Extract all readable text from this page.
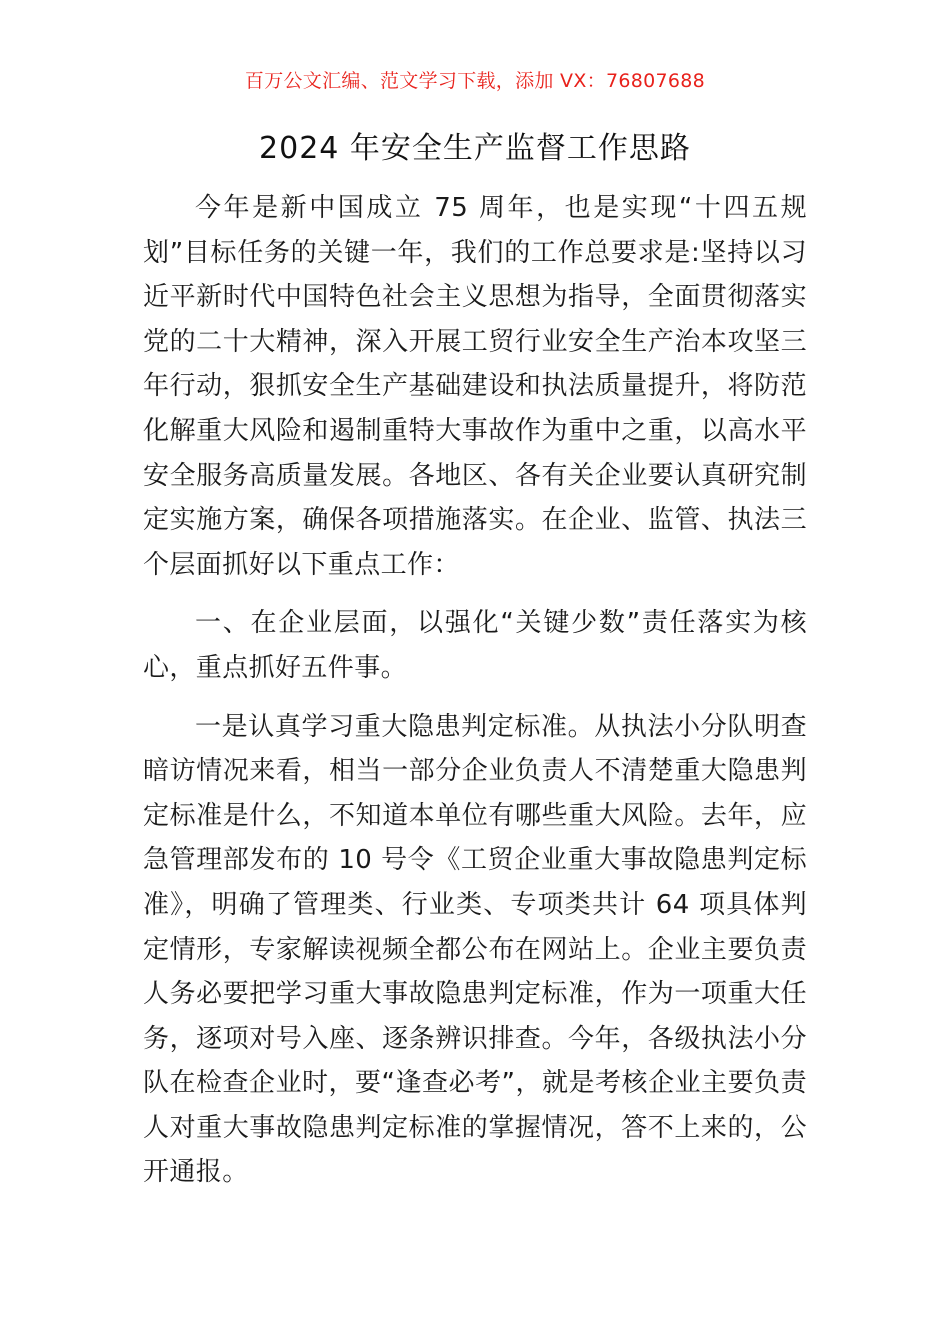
百万公文汇编、范文学习下载，添加 VX：76807688
2024 年安全生产监督工作思路

今年是新中国成立 75 周年，也是实现“十四五规划”目标任务的关键一年，我们的工作总要求是:坚持以习近平新时代中国特色社会主义思想为指导，全面贯彻落实党的二十大精神，深入开展工贸行业安全生产治本攻坚三年行动，狠抓安全生产基础建设和执法质量提升，将防范化解重大风险和遏制重特大事故作为重中之重，以高水平安全服务高质量发展。各地区、各有关企业要认真研究制定实施方案，确保各项措施落实。在企业、监管、执法三个层面抓好以下重点工作：

一、在企业层面，以强化“关键少数”责任落实为核心，重点抓好五件事。

一是认真学习重大隐患判定标准。从执法小分队明查暗访情况来看，相当一部分企业负责人不清楚重大隐患判定标准是什么，不知道本单位有哪些重大风险。去年，应急管理部发布的 10 号令《工贸企业重大事故隐患判定标准》，明确了管理类、行业类、专项类共计 64 项具体判定情形，专家解读视频全都公布在网站上。企业主要负责人务必要把学习重大事故隐患判定标准，作为一项重大任务，逐项对号入座、逐条辨识排查。今年，各级执法小分队在检查企业时，要“逢查必考”，就是考核企业主要负责人对重大事故隐患判定标准的掌握情况，答不上来的，公开通报。
